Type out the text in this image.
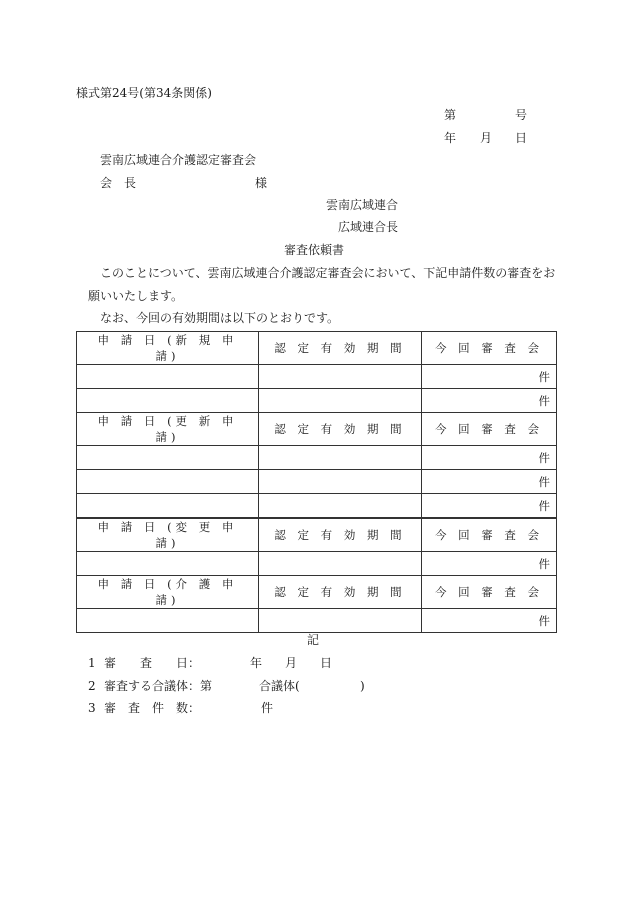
様式第24号(第34条関係)
第	号
年 月 日
雲南広域連合介護認定審査会
会　長	様
雲南広域連合
広域連合長
審査依頼書
このことについて、雲南広域連合介護認定審査会において、下記申請件数の審査をお
願いいたします。
なお、今回の有効期間は以下のとおりです。
申 請 日 (新 規 申 請)	認 定 有 効 期 間	今 回 審 査 会
		件
		件
申 請 日 (更 新 申 請)	認 定 有 効 期 間	今 回 審 査 会
		件
		件
		件
申 請 日 (変 更 申 請)	認 定 有 効 期 間	今 回 審 査 会
		件
申 請 日 (介 護 申 請)	認 定 有 効 期 間	今 回 審 査 会
		件
記
1 審　　査　　日：	年 月 日
2 審査する合議体：第	合議体(	)
3 審　査　件　数：	件
